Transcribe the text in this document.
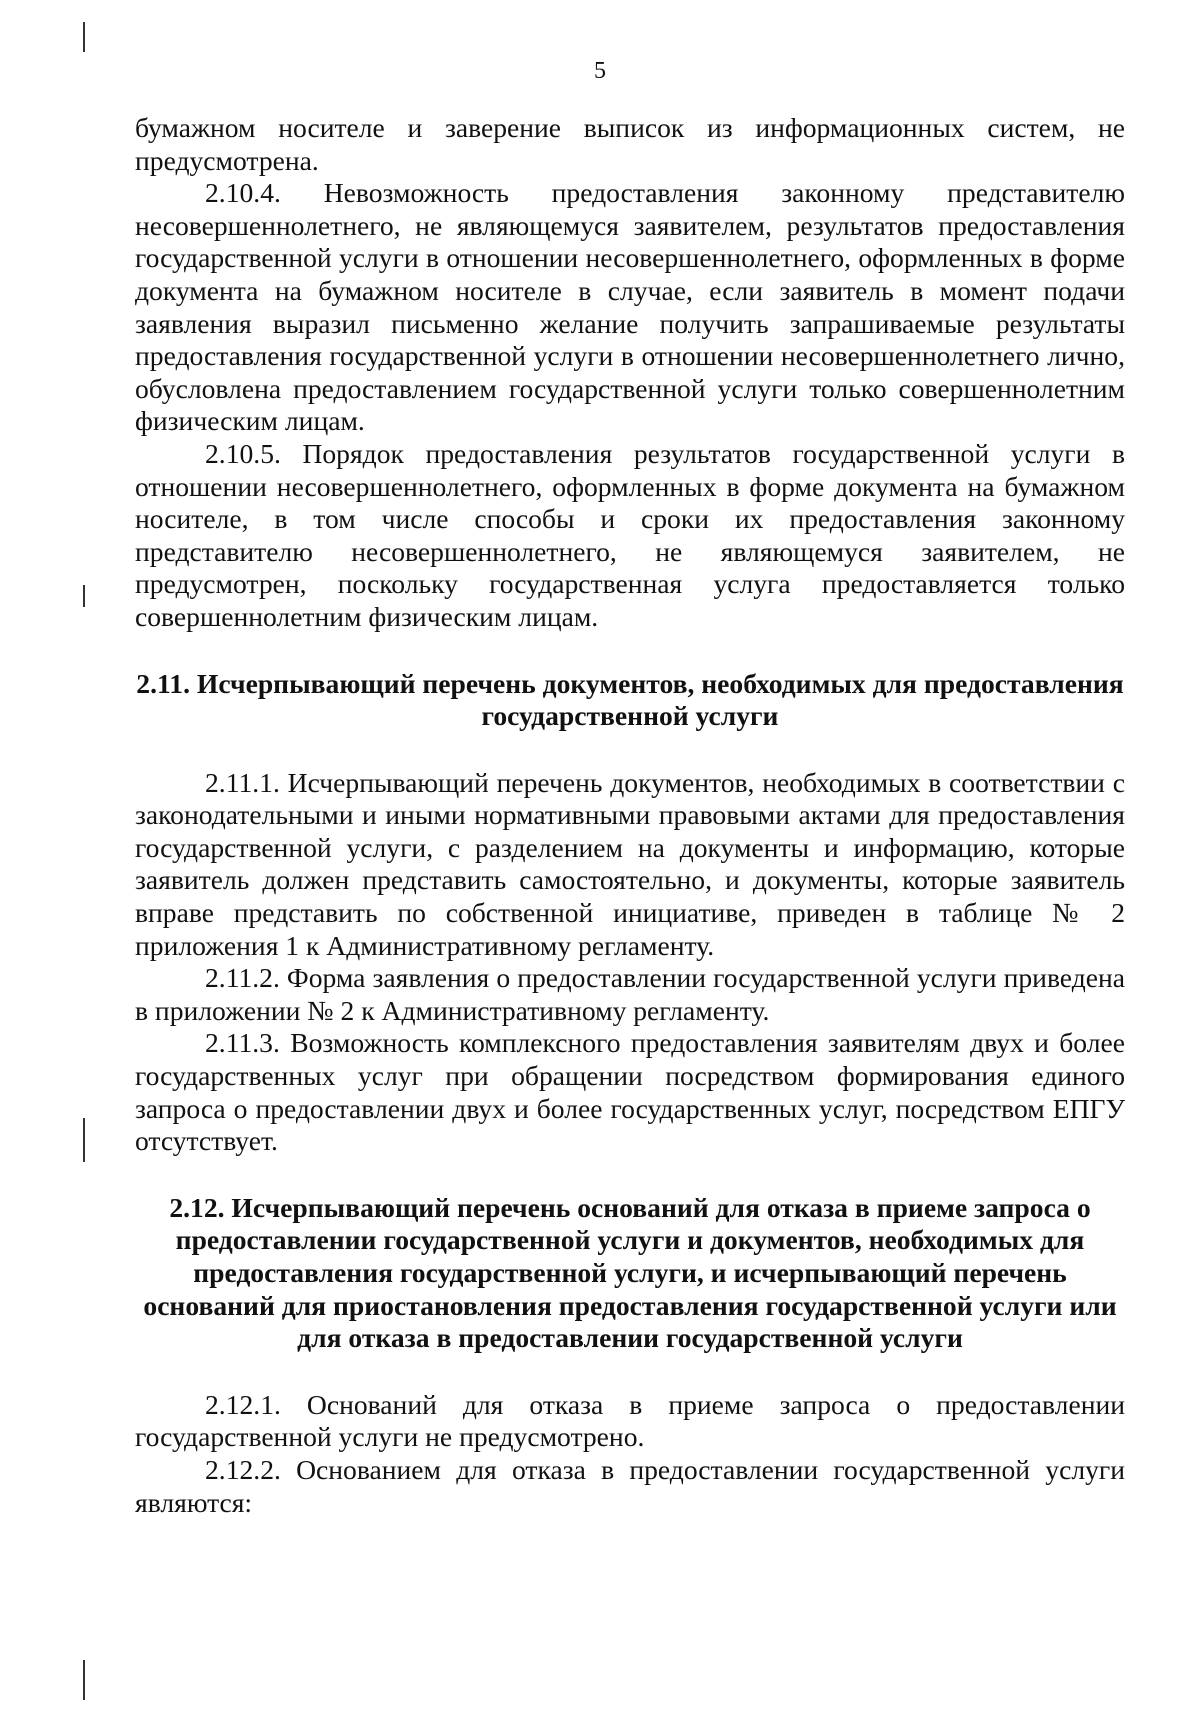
5

бумажном носителе и заверение выписок из информационных систем, не предусмотрена.

2.10.4. Невозможность предоставления законному представителю несовершеннолетнего, не являющемуся заявителем, результатов предоставления государственной услуги в отношении несовершеннолетнего, оформленных в форме документа на бумажном носителе в случае, если заявитель в момент подачи заявления выразил письменно желание получить запрашиваемые результаты предоставления государственной услуги в отношении несовершеннолетнего лично, обусловлена предоставлением государственной услуги только совершеннолетним физическим лицам.

2.10.5. Порядок предоставления результатов государственной услуги в отношении несовершеннолетнего, оформленных в форме документа на бумажном носителе, в том числе способы и сроки их предоставления законному представителю несовершеннолетнего, не являющемуся заявителем, не предусмотрен, поскольку государственная услуга предоставляется только совершеннолетним физическим лицам.

2.11. Исчерпывающий перечень документов, необходимых для предоставления государственной услуги

2.11.1. Исчерпывающий перечень документов, необходимых в соответствии с законодательными и иными нормативными правовыми актами для предоставления государственной услуги, с разделением на документы и информацию, которые заявитель должен представить самостоятельно, и документы, которые заявитель вправе представить по собственной инициативе, приведен в таблице № 2 приложения 1 к Административному регламенту.

2.11.2. Форма заявления о предоставлении государственной услуги приведена в приложении № 2 к Административному регламенту.

2.11.3. Возможность комплексного предоставления заявителям двух и более государственных услуг при обращении посредством формирования единого запроса о предоставлении двух и более государственных услуг, посредством ЕПГУ отсутствует.

2.12. Исчерпывающий перечень оснований для отказа в приеме запроса о предоставлении государственной услуги и документов, необходимых для предоставления государственной услуги, и исчерпывающий перечень оснований для приостановления предоставления государственной услуги или для отказа в предоставлении государственной услуги

2.12.1. Оснований для отказа в приеме запроса о предоставлении государственной услуги не предусмотрено.

2.12.2. Основанием для отказа в предоставлении государственной услуги являются:
